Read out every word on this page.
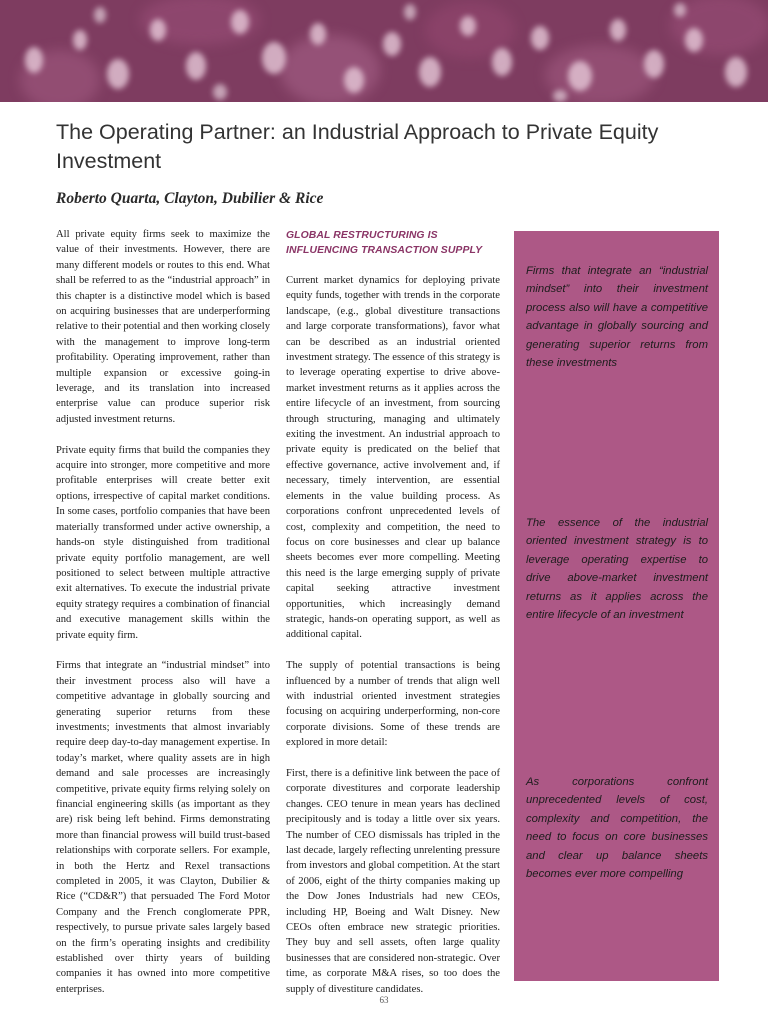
The Operating Partner: an Industrial Approach to Private Equity Investment
Roberto Quarta, Clayton, Dubilier & Rice

All private equity firms seek to maximize the value of their investments. However, there are many different models or routes to this end. What shall be referred to as the “industrial approach” in this chapter is a distinctive model which is based on acquiring businesses that are underperforming relative to their potential and then working closely with the management to improve long-term profitability. Operating improvement, rather than multiple expansion or excessive going-in leverage, and its translation into increased enterprise value can produce superior risk adjusted investment returns.

Private equity firms that build the companies they acquire into stronger, more competitive and more profitable enterprises will create better exit options, irrespective of capital market conditions. In some cases, portfolio companies that have been materially transformed under active ownership, a hands-on style distinguished from traditional private equity portfolio management, are well positioned to select between multiple attractive exit alternatives. To execute the industrial private equity strategy requires a combination of financial and executive management skills within the private equity firm.

Firms that integrate an “industrial mindset” into their investment process also will have a competitive advantage in globally sourcing and generating superior returns from these investments; investments that almost invariably require deep day-to-day management expertise. In today’s market, where quality assets are in high demand and sale processes are increasingly competitive, private equity firms relying solely on financial engineering skills (as important as they are) risk being left behind. Firms demonstrating more than financial prowess will build trust-based relationships with corporate sellers. For example, in both the Hertz and Rexel transactions completed in 2005, it was Clayton, Dubilier & Rice (“CD&R”) that persuaded The Ford Motor Company and the French conglomerate PPR, respectively, to pursue private sales largely based on the firm’s operating insights and credibility established over thirty years of building companies it has owned into more competitive enterprises.

GLOBAL RESTRUCTURING IS INFLUENCING TRANSACTION SUPPLY

Current market dynamics for deploying private equity funds, together with trends in the corporate landscape, (e.g., global divestiture transactions and large corporate transformations), favor what can be described as an industrial oriented investment strategy. The essence of this strategy is to leverage operating expertise to drive above-market investment returns as it applies across the entire lifecycle of an investment, from sourcing through structuring, managing and ultimately exiting the investment. An industrial approach to private equity is predicated on the belief that effective governance, active involvement and, if necessary, timely intervention, are essential elements in the value building process. As corporations confront unprecedented levels of cost, complexity and competition, the need to focus on core businesses and clear up balance sheets becomes ever more compelling. Meeting this need is the large emerging supply of private capital seeking attractive investment opportunities, which increasingly demand strategic, hands-on operating support, as well as additional capital.

The supply of potential transactions is being influenced by a number of trends that align well with industrial oriented investment strategies focusing on acquiring underperforming, non-core corporate divisions. Some of these trends are explored in more detail:

First, there is a definitive link between the pace of corporate divestitures and corporate leadership changes. CEO tenure in mean years has declined precipitously and is today a little over six years. The number of CEO dismissals has tripled in the last decade, largely reflecting unrelenting pressure from investors and global competition. At the start of 2006, eight of the thirty companies making up the Dow Jones Industrials had new CEOs, including HP, Boeing and Walt Disney. New CEOs often embrace new strategic priorities. They buy and sell assets, often large quality businesses that are considered non-strategic. Over time, as corporate M&A rises, so too does the supply of divestiture candidates.

Firms that integrate an “industrial mindset” into their investment process also will have a competitive advantage in globally sourcing and generating superior returns from these investments
The essence of the industrial oriented investment strategy is to leverage operating expertise to drive above-market investment returns as it applies across the entire lifecycle of an investment
As corporations confront unprecedented levels of cost, complexity and competition, the need to focus on core businesses and clear up balance sheets becomes ever more compelling
63
